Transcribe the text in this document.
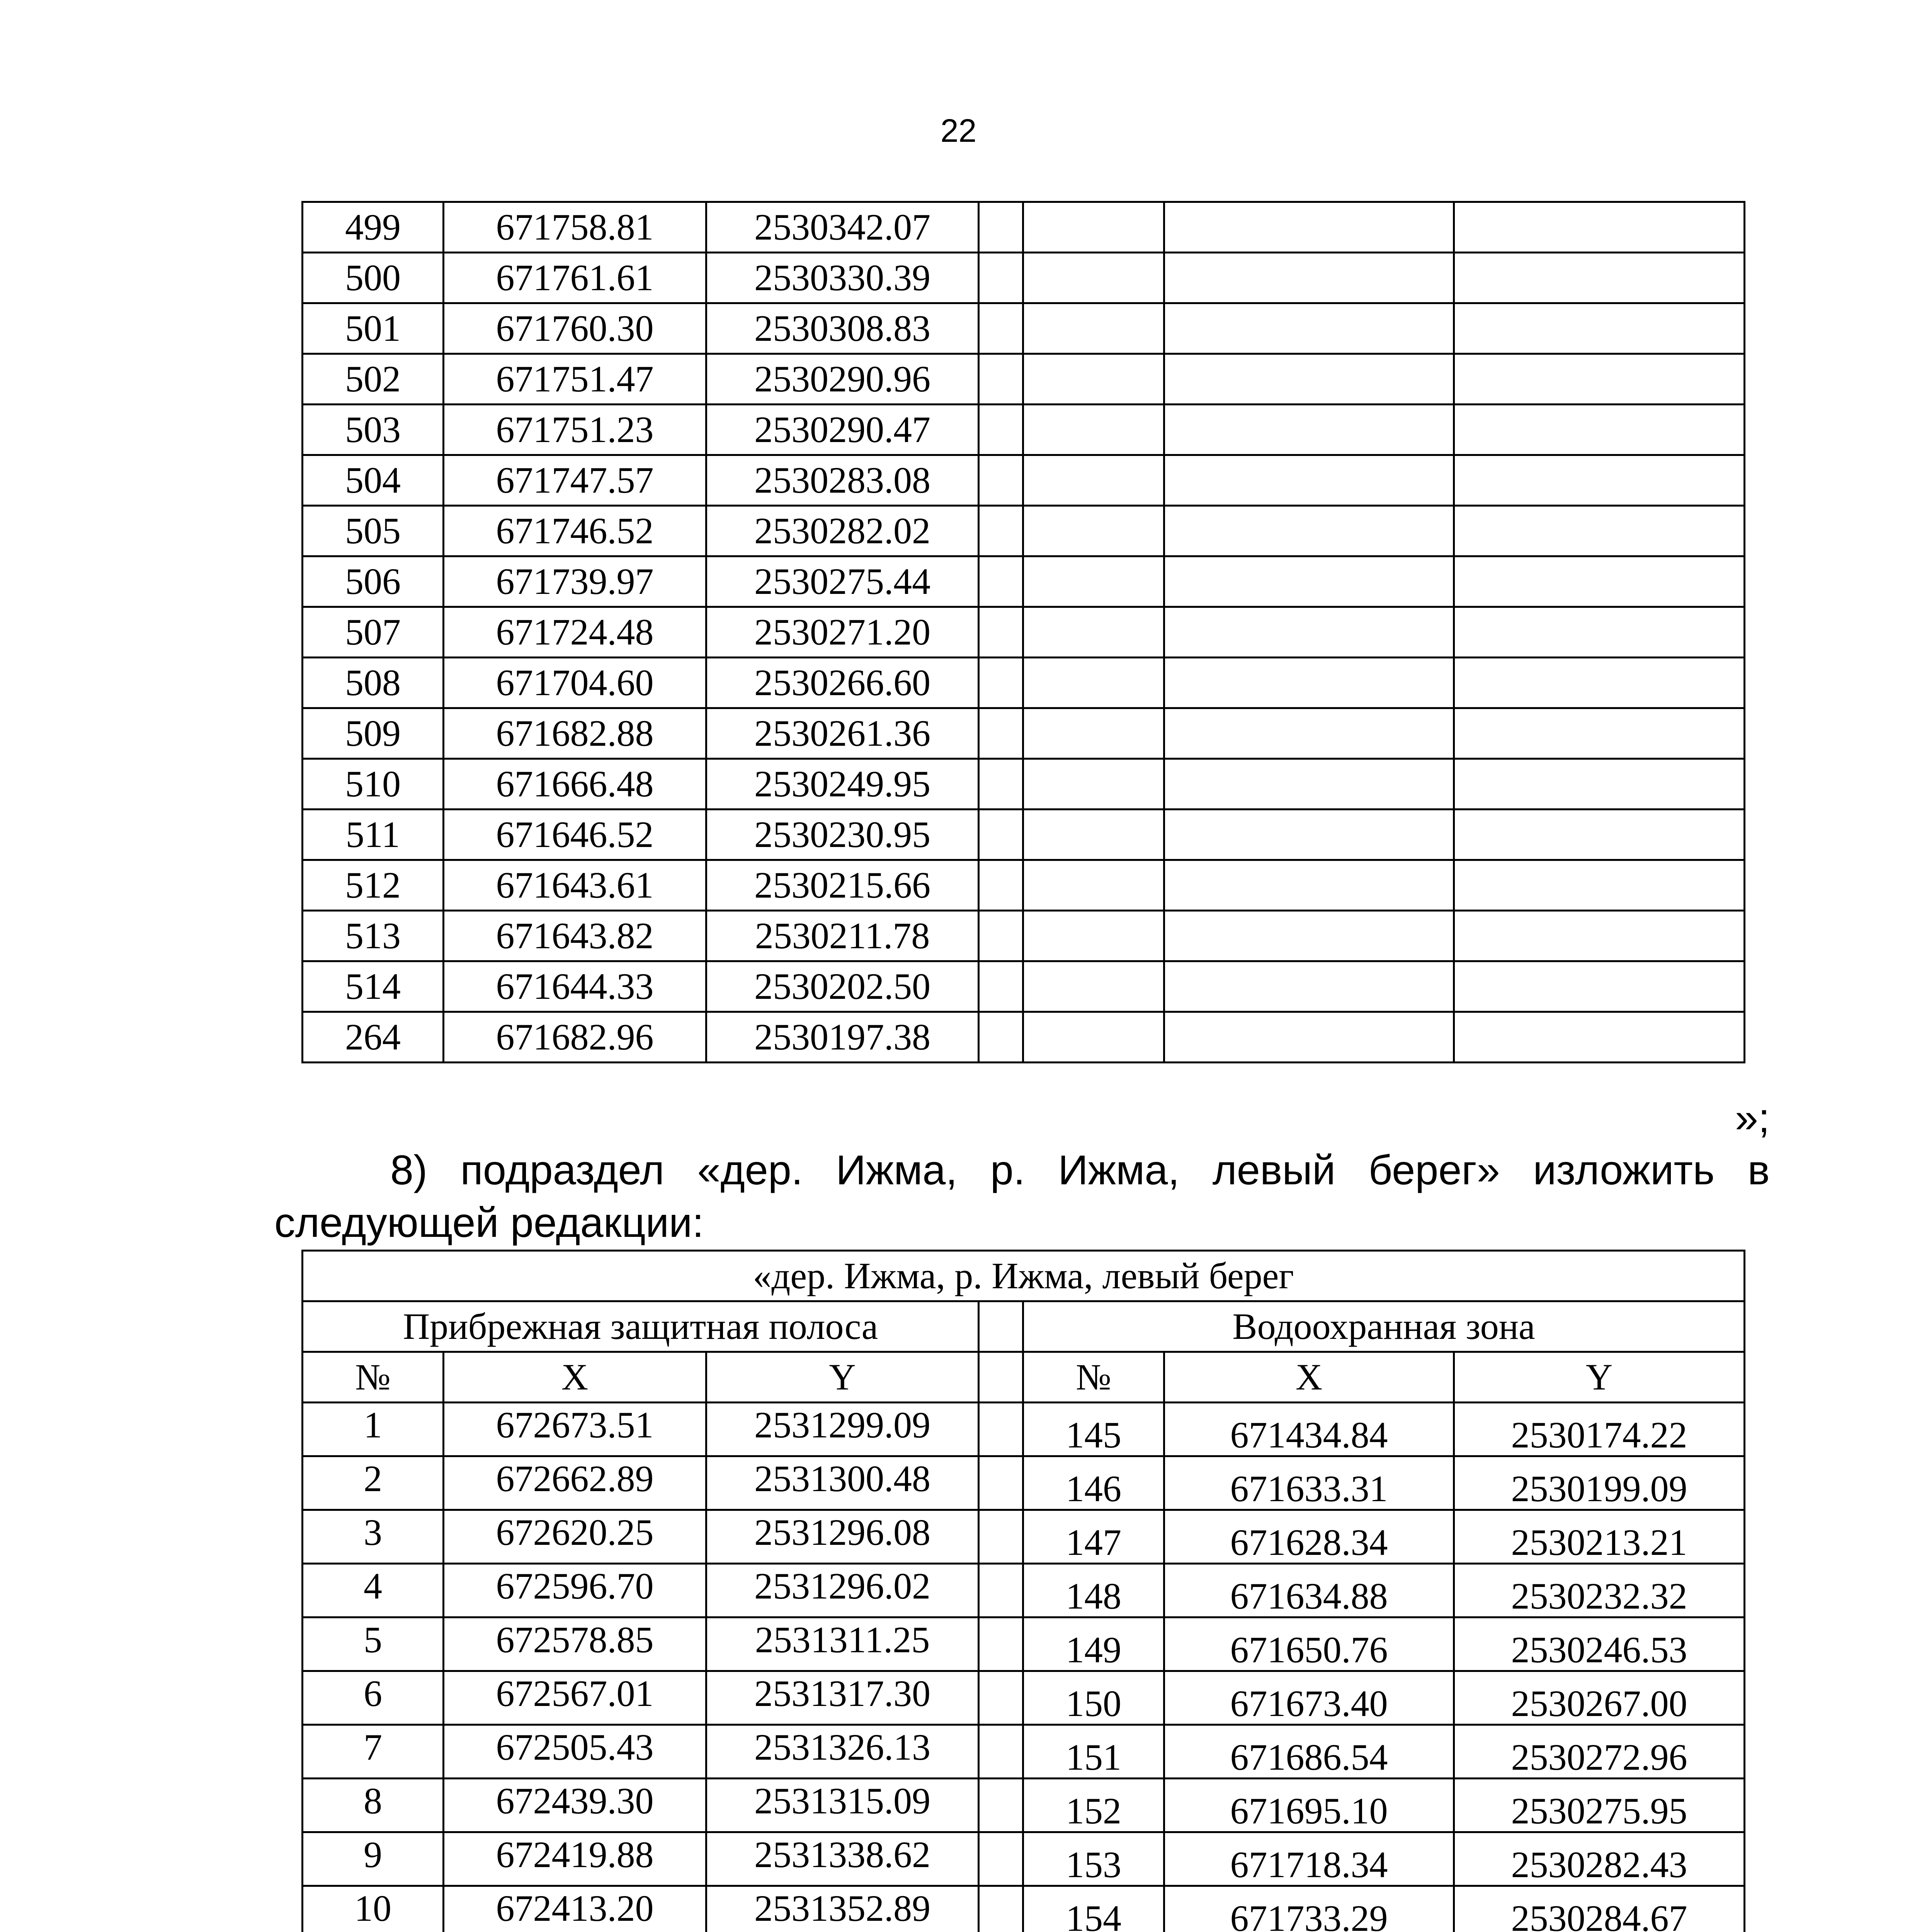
22
499	671758.81	2530342.07				
500	671761.61	2530330.39				
501	671760.30	2530308.83				
502	671751.47	2530290.96				
503	671751.23	2530290.47				
504	671747.57	2530283.08				
505	671746.52	2530282.02				
506	671739.97	2530275.44				
507	671724.48	2530271.20				
508	671704.60	2530266.60				
509	671682.88	2530261.36				
510	671666.48	2530249.95				
511	671646.52	2530230.95				
512	671643.61	2530215.66				
513	671643.82	2530211.78				
514	671644.33	2530202.50				
264	671682.96	2530197.38				
»;

8) подраздел «дер. Ижма, р. Ижма, левый берег» изложить в следующей редакции:

«дер. Ижма, р. Ижма, левый берег						
Прибрежная защитная полоса				Водоохранная зона		
№	X	Y		№	X	Y
1	672673.51	2531299.09		145	671434.84	2530174.22
2	672662.89	2531300.48		146	671633.31	2530199.09
3	672620.25	2531296.08		147	671628.34	2530213.21
4	672596.70	2531296.02		148	671634.88	2530232.32
5	672578.85	2531311.25		149	671650.76	2530246.53
6	672567.01	2531317.30		150	671673.40	2530267.00
7	672505.43	2531326.13		151	671686.54	2530272.96
8	672439.30	2531315.09		152	671695.10	2530275.95
9	672419.88	2531338.62		153	671718.34	2530282.43
10	672413.20	2531352.89		154	671733.29	2530284.67
